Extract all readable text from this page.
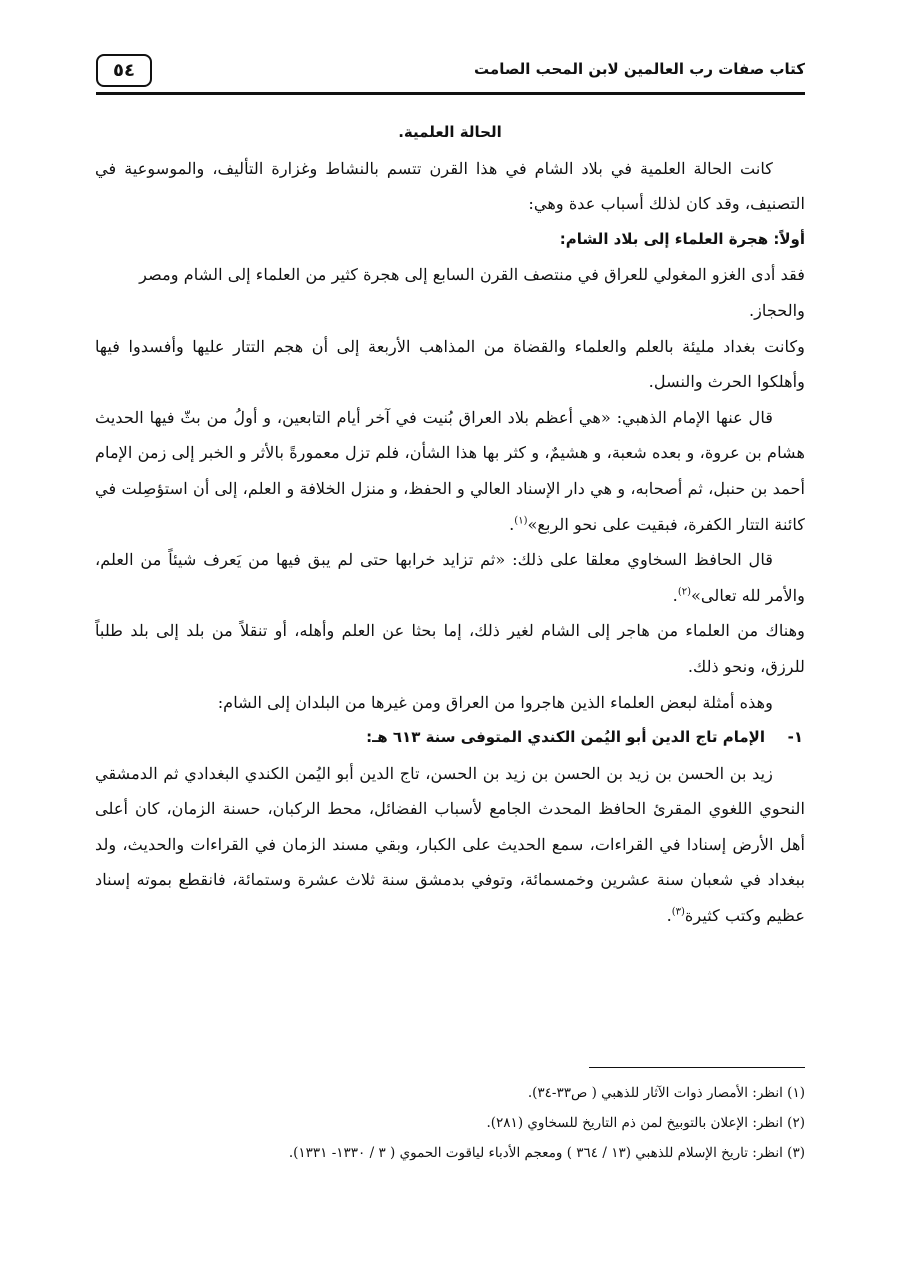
كتاب صفات رب العالمين لابن المحب الصامت
٥٤

الحالة العلمية.

كانت الحالة العلمية في بلاد الشام في هذا القرن تتسم بالنشاط وغزارة التأليف، والموسوعية في التصنيف، وقد كان لذلك أسباب عدة وهي:

أولاً: هجرة العلماء إلى بلاد الشام:

فقد أدى الغزو المغولي للعراق في منتصف القرن السابع إلى هجرة كثير من العلماء إلى الشام ومصر والحجاز.

وكانت بغداد مليئة بالعلم والعلماء والقضاة من المذاهب الأربعة إلى أن هجم التتار عليها وأفسدوا فيها وأهلكوا الحرث والنسل.

قال عنها الإمام الذهبي: «هي أعظم بلاد العراق بُنيت في آخر أيام التابعين، و أولُ من بثّ فيها الحديث هشام بن عروة، و بعده شعبة، و هشيمٌ، و كثر بها هذا الشأن، فلم تزل معمورةً بالأثر و الخبر إلى زمن الإمام أحمد بن حنبل، ثم أصحابه، و هي دار الإسناد العالي و الحفظ، و منزل الخلافة و العلم، إلى أن استؤصِلت في كائنة التتار الكفرة، فبقيت على نحو الربع»$^{(١)}$.

قال الحافظ السخاوي معلقا على ذلك: «ثم تزايد خرابها حتى لم يبق فيها من يَعرف شيئاً من العلم، والأمر لله تعالى»$^{(٢)}$.

وهناك من العلماء من هاجر إلى الشام لغير ذلك، إما بحثا عن العلم وأهله، أو تنقلاً من بلد إلى بلد طلباً للرزق، ونحو ذلك.

وهذه أمثلة لبعض العلماء الذين هاجروا من العراق ومن غيرها من البلدان إلى الشام:

١-الإمام تاج الدين أبو اليُمن الكندي المتوفى سنة ٦١٣ هـ:

زيد بن الحسن بن زيد بن الحسن بن زيد بن الحسن، تاج الدين أبو اليُمن الكندي البغدادي ثم الدمشقي النحوي اللغوي المقرئ الحافظ المحدث الجامع لأسباب الفضائل، محط الركبان، حسنة الزمان، كان أعلى أهل الأرض إسنادا في القراءات، سمع الحديث على الكبار، وبقي مسند الزمان في القراءات والحديث، ولد ببغداد في شعبان سنة عشرين وخمسمائة، وتوفي بدمشق سنة ثلاث عشرة وستمائة، فانقطع بموته إسناد عظيم وكتب كثيرة$^{(٣)}$.

(١) انظر: الأمصار ذوات الآثار للذهبي ( ص٣٣-٣٤).

(٢) انظر: الإعلان بالتوبيخ لمن ذم التاريخ للسخاوي (٢٨١).

(٣) انظر: تاريخ الإسلام للذهبي (١٣ / ٣٦٤ ) ومعجم الأدباء لياقوت الحموي ( ٣ / ١٣٣٠- ١٣٣١).
